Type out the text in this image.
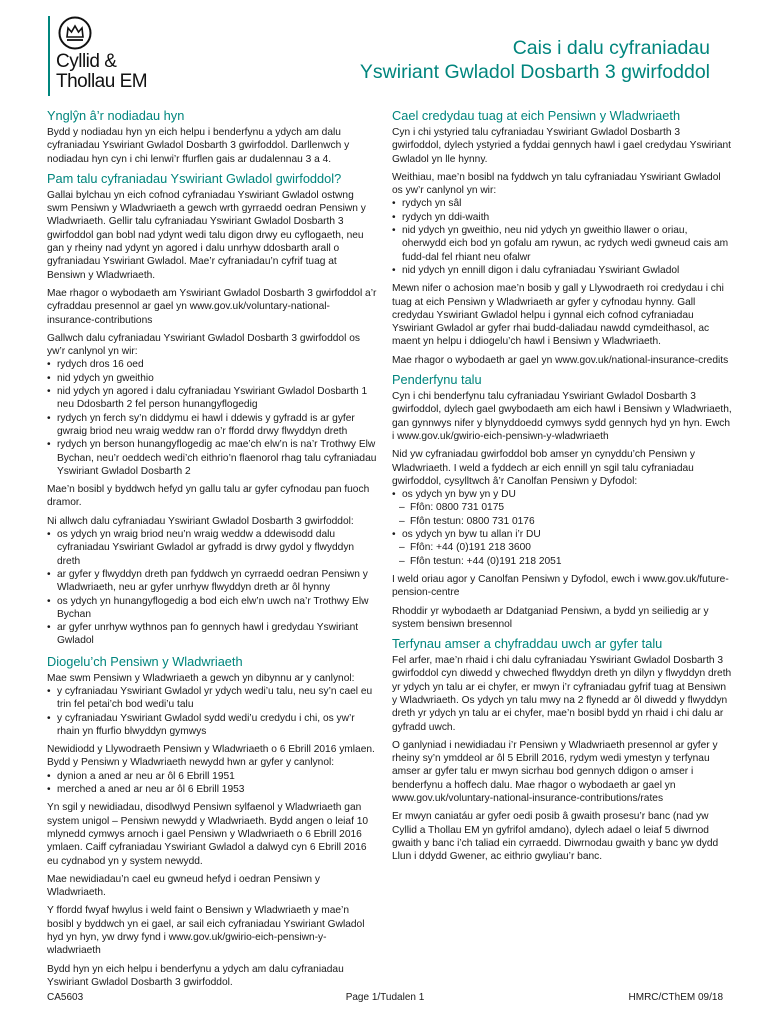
Cyllid &
Thollau EM
Cais i dalu cyfraniadau
Yswiriant Gwladol Dosbarth 3 gwirfoddol
Ynglŷn â’r nodiadau hyn

Bydd y nodiadau hyn yn eich helpu i benderfynu a ydych am dalu cyfraniadau Yswiriant Gwladol Dosbarth 3 gwirfoddol. Darllenwch y nodiadau hyn cyn i chi lenwi’r ffurflen gais ar dudalennau 3 a 4.

Pam talu cyfraniadau Yswiriant Gwladol gwirfoddol?

Gallai bylchau yn eich cofnod cyfraniadau Yswiriant Gwladol ostwng swm Pensiwn y Wladwriaeth a gewch wrth gyrraedd oedran Pensiwn y Wladwriaeth. Gellir talu cyfraniadau Yswiriant Gwladol Dosbarth 3 gwirfoddol gan bobl nad ydynt wedi talu digon drwy eu cyflogaeth, neu gan y rheiny nad ydynt yn agored i dalu unrhyw ddosbarth arall o gyfraniadau Yswiriant Gwladol. Mae’r cyfraniadau’n cyfrif tuag at Bensiwn y Wladwriaeth.

Mae rhagor o wybodaeth am Yswiriant Gwladol Dosbarth 3 gwirfoddol a’r cyfraddau presennol ar gael yn www.gov.uk/voluntary-national-insurance-contributions

Gallwch dalu cyfraniadau Yswiriant Gwladol Dosbarth 3 gwirfoddol os yw’r canlynol yn wir:

• rydych dros 16 oed
• nid ydych yn gweithio
• nid ydych yn agored i dalu cyfraniadau Yswiriant Gwladol Dosbarth 1 neu Ddosbarth 2 fel person hunangyflogedig
• rydych yn ferch sy’n diddymu ei hawl i ddewis y gyfradd is ar gyfer gwraig briod neu wraig weddw ran o’r ffordd drwy flwyddyn dreth
• rydych yn berson hunangyflogedig ac mae’ch elw’n is na’r Trothwy Elw Bychan, neu’r oeddech wedi’ch eithrio’n flaenorol rhag talu cyfraniadau Yswiriant Gwladol Dosbarth 2

Mae’n bosibl y byddwch hefyd yn gallu talu ar gyfer cyfnodau pan fuoch dramor.

Ni allwch dalu cyfraniadau Yswiriant Gwladol Dosbarth 3 gwirfoddol:

• os ydych yn wraig briod neu’n wraig weddw a ddewisodd dalu cyfraniadau Yswiriant Gwladol ar gyfradd is drwy gydol y flwyddyn dreth
• ar gyfer y flwyddyn dreth pan fyddwch yn cyrraedd oedran Pensiwn y Wladwriaeth, neu ar gyfer unrhyw flwyddyn dreth ar ôl hynny
• os ydych yn hunangyflogedig a bod eich elw’n uwch na’r Trothwy Elw Bychan
• ar gyfer unrhyw wythnos pan fo gennych hawl i gredydau Yswiriant Gwladol
Diogelu’ch Pensiwn y Wladwriaeth

Mae swm Pensiwn y Wladwriaeth a gewch yn dibynnu ar y canlynol:

• y cyfraniadau Yswiriant Gwladol yr ydych wedi’u talu, neu sy’n cael eu trin fel petai’ch bod wedi’u talu
• y cyfraniadau Yswiriant Gwladol sydd wedi’u credydu i chi, os yw’r rhain yn ffurfio blwyddyn gymwys

Newidiodd y Llywodraeth Pensiwn y Wladwriaeth o 6 Ebrill 2016 ymlaen. Bydd y Pensiwn y Wladwriaeth newydd hwn ar gyfer y canlynol:

• dynion a aned ar neu ar ôl 6 Ebrill 1951
• merched a aned ar neu ar ôl 6 Ebrill 1953

Yn sgil y newidiadau, disodlwyd Pensiwn sylfaenol y Wladwriaeth gan system unigol – Pensiwn newydd y Wladwriaeth. Bydd angen o leiaf 10 mlynedd cymwys arnoch i gael Pensiwn y Wladwriaeth o 6 Ebrill 2016 ymlaen. Caiff cyfraniadau Yswiriant Gwladol a dalwyd cyn 6 Ebrill 2016 eu cydnabod yn y system newydd.

Mae newidiadau’n cael eu gwneud hefyd i oedran Pensiwn y Wladwriaeth.

Y ffordd fwyaf hwylus i weld faint o Bensiwn y Wladwriaeth y mae’n bosibl y byddwch yn ei gael, ar sail eich cyfraniadau Yswiriant Gwladol hyd yn hyn, yw drwy fynd i www.gov.uk/gwirio-eich-pensiwn-y-wladwriaeth

Bydd hyn yn eich helpu i benderfynu a ydych am dalu cyfraniadau Yswiriant Gwladol Dosbarth 3 gwirfoddol.

Cael credydau tuag at eich Pensiwn y Wladwriaeth

Cyn i chi ystyried talu cyfraniadau Yswiriant Gwladol Dosbarth 3 gwirfoddol, dylech ystyried a fyddai gennych hawl i gael credydau Yswiriant Gwladol yn lle hynny.

Weithiau, mae’n bosibl na fyddwch yn talu cyfraniadau Yswiriant Gwladol os yw’r canlynol yn wir:

• rydych yn sâl
• rydych yn ddi-waith
• nid ydych yn gweithio, neu nid ydych yn gweithio llawer o oriau, oherwydd eich bod yn gofalu am rywun, ac rydych wedi gwneud cais am fudd-dal fel rhiant neu ofalwr
• nid ydych yn ennill digon i dalu cyfraniadau Yswiriant Gwladol

Mewn nifer o achosion mae’n bosib y gall y Llywodraeth roi credydau i chi tuag at eich Pensiwn y Wladwriaeth ar gyfer y cyfnodau hynny. Gall credydau Yswiriant Gwladol helpu i gynnal eich cofnod cyfraniadau Yswiriant Gwladol ar gyfer rhai budd-daliadau nawdd cymdeithasol, ac maent yn helpu i ddiogelu’ch hawl i Bensiwn y Wladwriaeth.

Mae rhagor o wybodaeth ar gael yn www.gov.uk/national-insurance-credits

Penderfynu talu

Cyn i chi benderfynu talu cyfraniadau Yswiriant Gwladol Dosbarth 3 gwirfoddol, dylech gael gwybodaeth am eich hawl i Bensiwn y Wladwriaeth, gan gynnwys nifer y blynyddoedd cymwys sydd gennych hyd yn hyn. Ewch i www.gov.uk/gwirio-eich-pensiwn-y-wladwriaeth

Nid yw cyfraniadau gwirfoddol bob amser yn cynyddu’ch Pensiwn y Wladwriaeth. I weld a fyddech ar eich ennill yn sgil talu cyfraniadau gwirfoddol, cysylltwch â’r Canolfan Pensiwn y Dyfodol:

• os ydych yn byw yn y DU
– Ffôn: 0800 731 0175
– Ffôn testun: 0800 731 0176
• os ydych yn byw tu allan i’r DU
– Ffôn: +44 (0)191 218 3600
– Ffôn testun: +44 (0)191 218 2051

I weld oriau agor y Canolfan Pensiwn y Dyfodol, ewch i www.gov.uk/future-pension-centre

Rhoddir yr wybodaeth ar Ddatganiad Pensiwn, a bydd yn seiliedig ar y system bensiwn bresennol

Terfynau amser a chyfraddau uwch ar gyfer talu

Fel arfer, mae’n rhaid i chi dalu cyfraniadau Yswiriant Gwladol Dosbarth 3 gwirfoddol cyn diwedd y chweched flwyddyn dreth yn dilyn y flwyddyn dreth yr ydych yn talu ar ei chyfer, er mwyn i’r cyfraniadau gyfrif tuag at Bensiwn y Wladwriaeth. Os ydych yn talu mwy na 2 flynedd ar ôl diwedd y flwyddyn dreth yr ydych yn talu ar ei chyfer, mae’n bosibl bydd yn rhaid i chi dalu ar gyfradd uwch.

O ganlyniad i newidiadau i’r Pensiwn y Wladwriaeth presennol ar gyfer y rheiny sy’n ymddeol ar ôl 5 Ebrill 2016, rydym wedi ymestyn y terfynau amser ar gyfer talu er mwyn sicrhau bod gennych ddigon o amser i benderfynu a hoffech dalu. Mae rhagor o wybodaeth ar gael yn www.gov.uk/voluntary-national-insurance-contributions/rates

Er mwyn caniatáu ar gyfer oedi posib â gwaith prosesu’r banc (nad yw Cyllid a Thollau EM yn gyfrifol amdano), dylech adael o leiaf 5 diwrnod gwaith y banc i’ch taliad ein cyrraedd. Diwrnodau gwaith y banc yw dydd Llun i ddydd Gwener, ac eithrio gwyliau’r banc.

CA5603	Page 1/Tudalen 1	HMRC/CThEM 09/18
